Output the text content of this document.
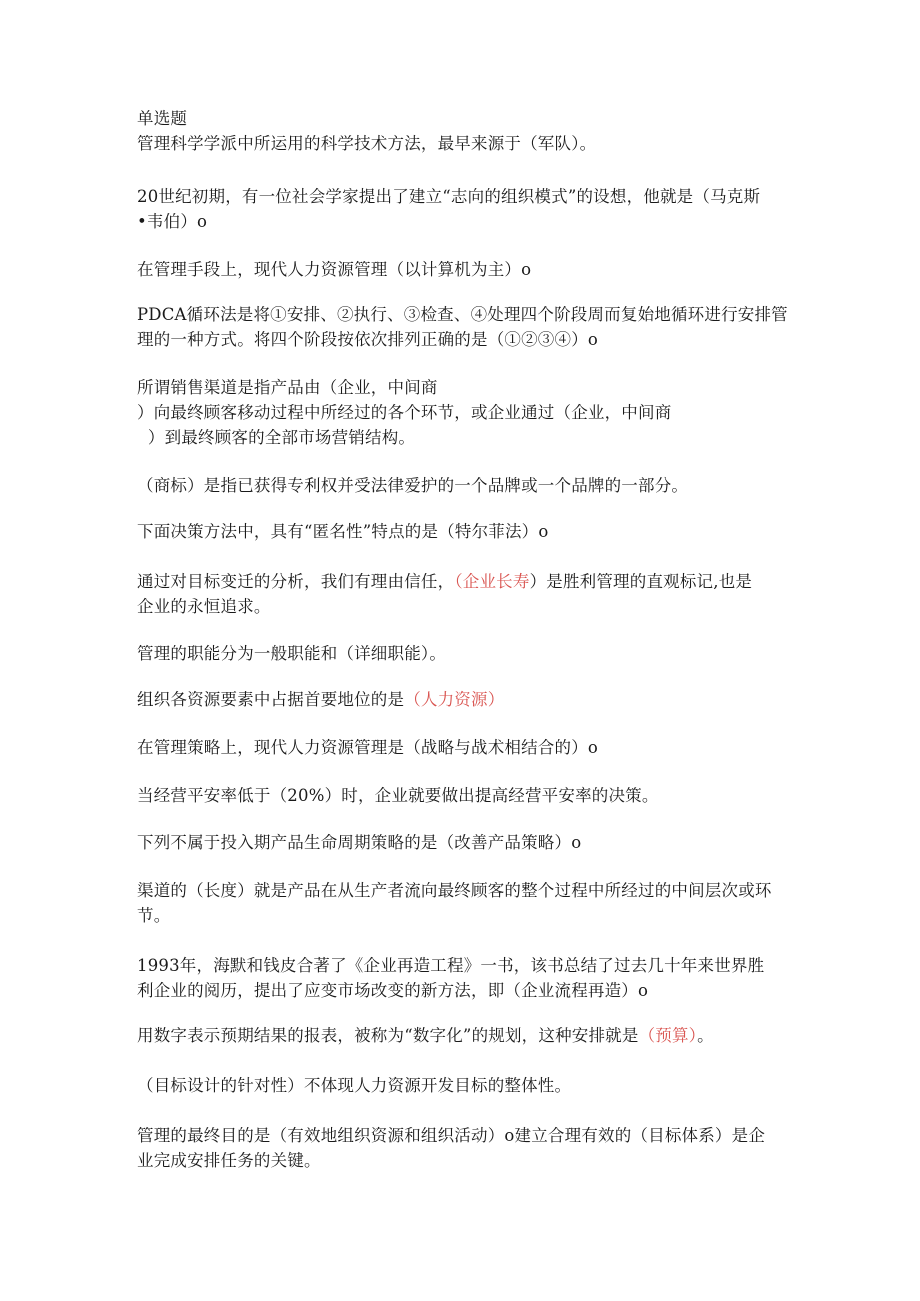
单选题
管理科学学派中所运用的科学技术方法，最早来源于（军队）。
20世纪初期，有一位社会学家提出了建立“志向的组织模式”的设想，他就是（马克斯
•韦伯）o
在管理手段上，现代人力资源管理（以计算机为主）o
PDCA循环法是将①安排、②执行、③检查、④处理四个阶段周而复始地循环进行安排管
理的一种方式。将四个阶段按依次排列正确的是（①②③④）o
所谓销售渠道是指产品由（企业，中间商
）向最终顾客移动过程中所经过的各个环节，或企业通过（企业，中间商
）到最终顾客的全部市场营销结构。
（商标）是指已获得专利权并受法律爱护的一个品牌或一个品牌的一部分。
下面决策方法中，具有“匿名性”特点的是（特尔菲法）o
通过对目标变迁的分析，我们有理由信任，（企业长寿）是胜利管理的直观标记,也是
企业的永恒追求。
管理的职能分为一般职能和（详细职能）。
组织各资源要素中占据首要地位的是（人力资源）
在管理策略上，现代人力资源管理是（战略与战术相结合的）o
当经营平安率低于（20%）时，企业就要做出提高经营平安率的决策。
下列不属于投入期产品生命周期策略的是（改善产品策略）o
渠道的（长度）就是产品在从生产者流向最终顾客的整个过程中所经过的中间层次或环
节。
1993年，海默和钱皮合著了《企业再造工程》一书，该书总结了过去几十年来世界胜
利企业的阅历，提出了应变市场改变的新方法，即（企业流程再造）o
用数字表示预期结果的报表，被称为“数字化”的规划，这种安排就是（预算）。
（目标设计的针对性）不体现人力资源开发目标的整体性。
管理的最终目的是（有效地组织资源和组织活动）o建立合理有效的（目标体系）是企
业完成安排任务的关键。
